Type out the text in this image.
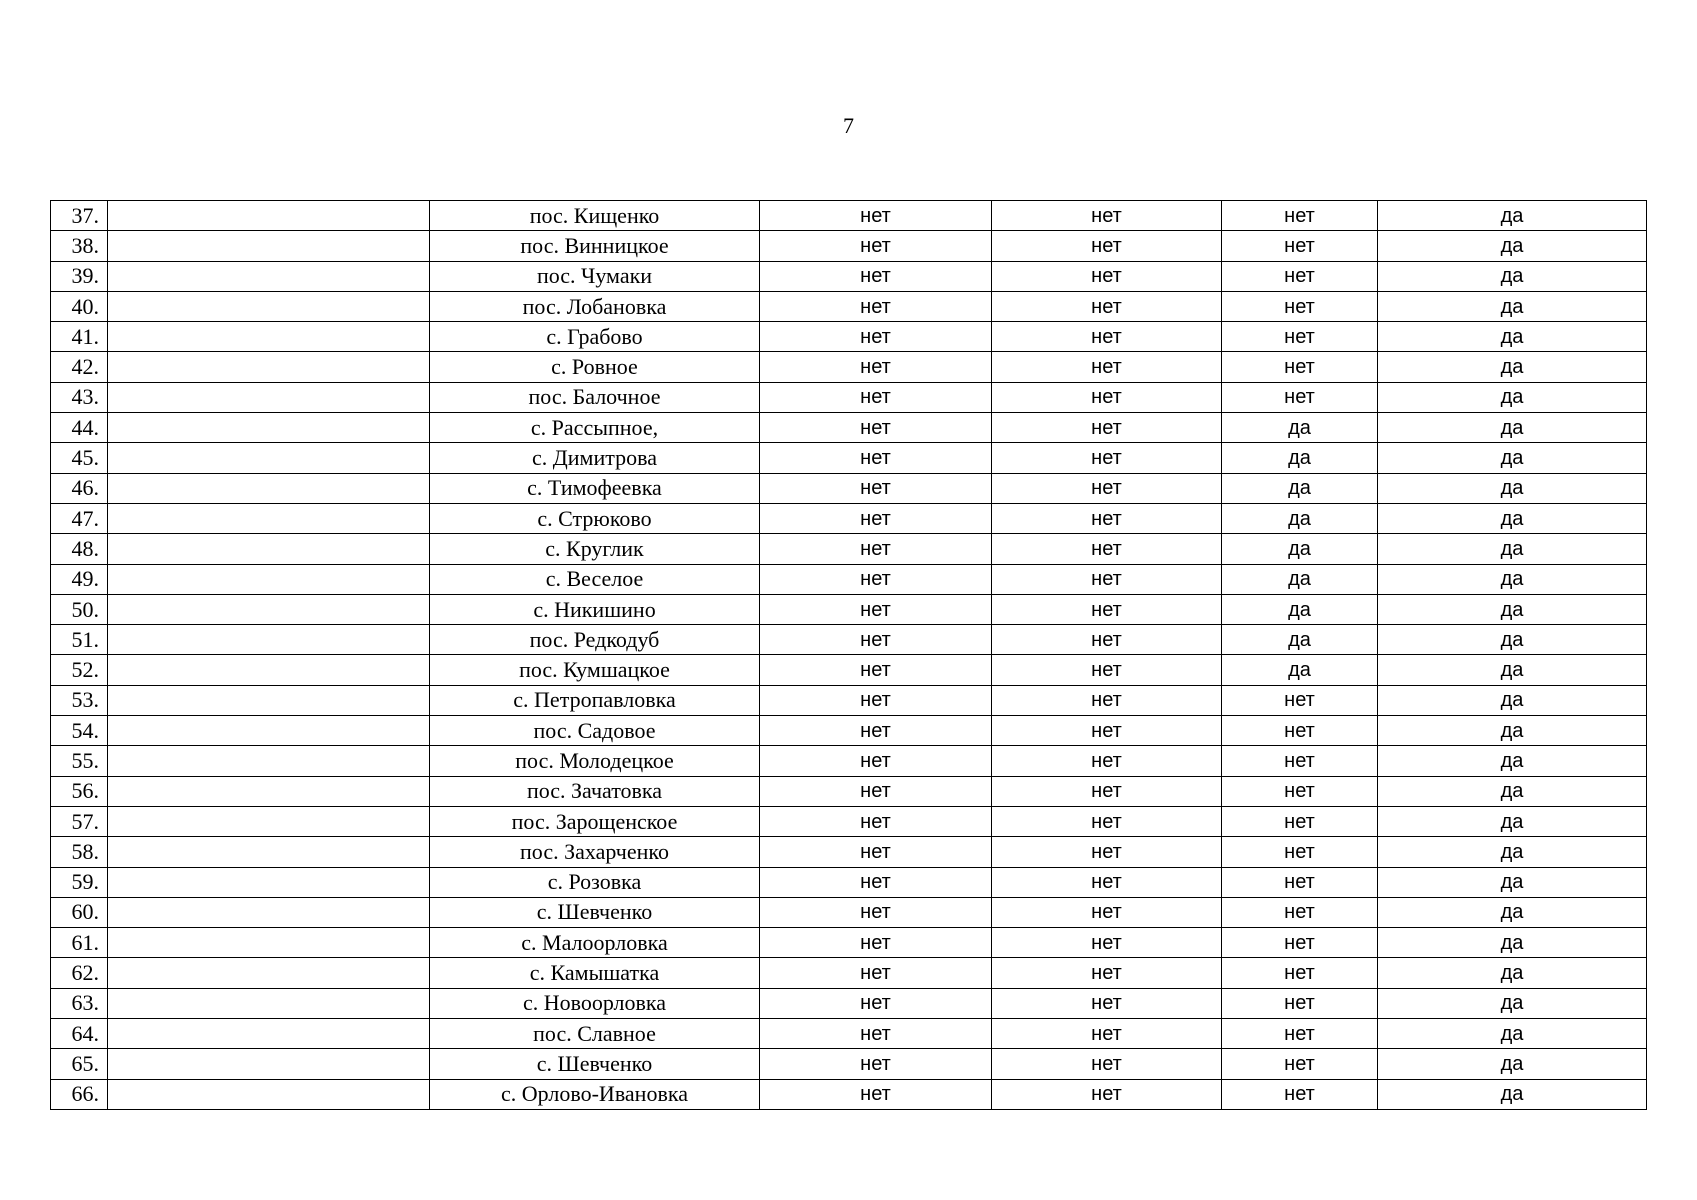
7
37.		пос. Кищенко	нет	нет	нет	да
38.		пос. Винницкое	нет	нет	нет	да
39.		пос. Чумаки	нет	нет	нет	да
40.		пос. Лобановка	нет	нет	нет	да
41.		с. Грабово	нет	нет	нет	да
42.		с. Ровное	нет	нет	нет	да
43.		пос. Балочное	нет	нет	нет	да
44.		с. Рассыпное,	нет	нет	да	да
45.		с. Димитрова	нет	нет	да	да
46.		с. Тимофеевка	нет	нет	да	да
47.		с. Стрюково	нет	нет	да	да
48.		с. Круглик	нет	нет	да	да
49.		с. Веселое	нет	нет	да	да
50.		с. Никишино	нет	нет	да	да
51.		пос. Редкодуб	нет	нет	да	да
52.		пос. Кумшацкое	нет	нет	да	да
53.		с. Петропавловка	нет	нет	нет	да
54.		пос. Садовое	нет	нет	нет	да
55.		пос. Молодецкое	нет	нет	нет	да
56.		пос. Зачатовка	нет	нет	нет	да
57.		пос. Зарощенское	нет	нет	нет	да
58.		пос. Захарченко	нет	нет	нет	да
59.		с. Розовка	нет	нет	нет	да
60.		с. Шевченко	нет	нет	нет	да
61.		с. Малоорловка	нет	нет	нет	да
62.		с. Камышатка	нет	нет	нет	да
63.		с. Новоорловка	нет	нет	нет	да
64.		пос. Славное	нет	нет	нет	да
65.		с. Шевченко	нет	нет	нет	да
66.		с. Орлово-Ивановка	нет	нет	нет	да
